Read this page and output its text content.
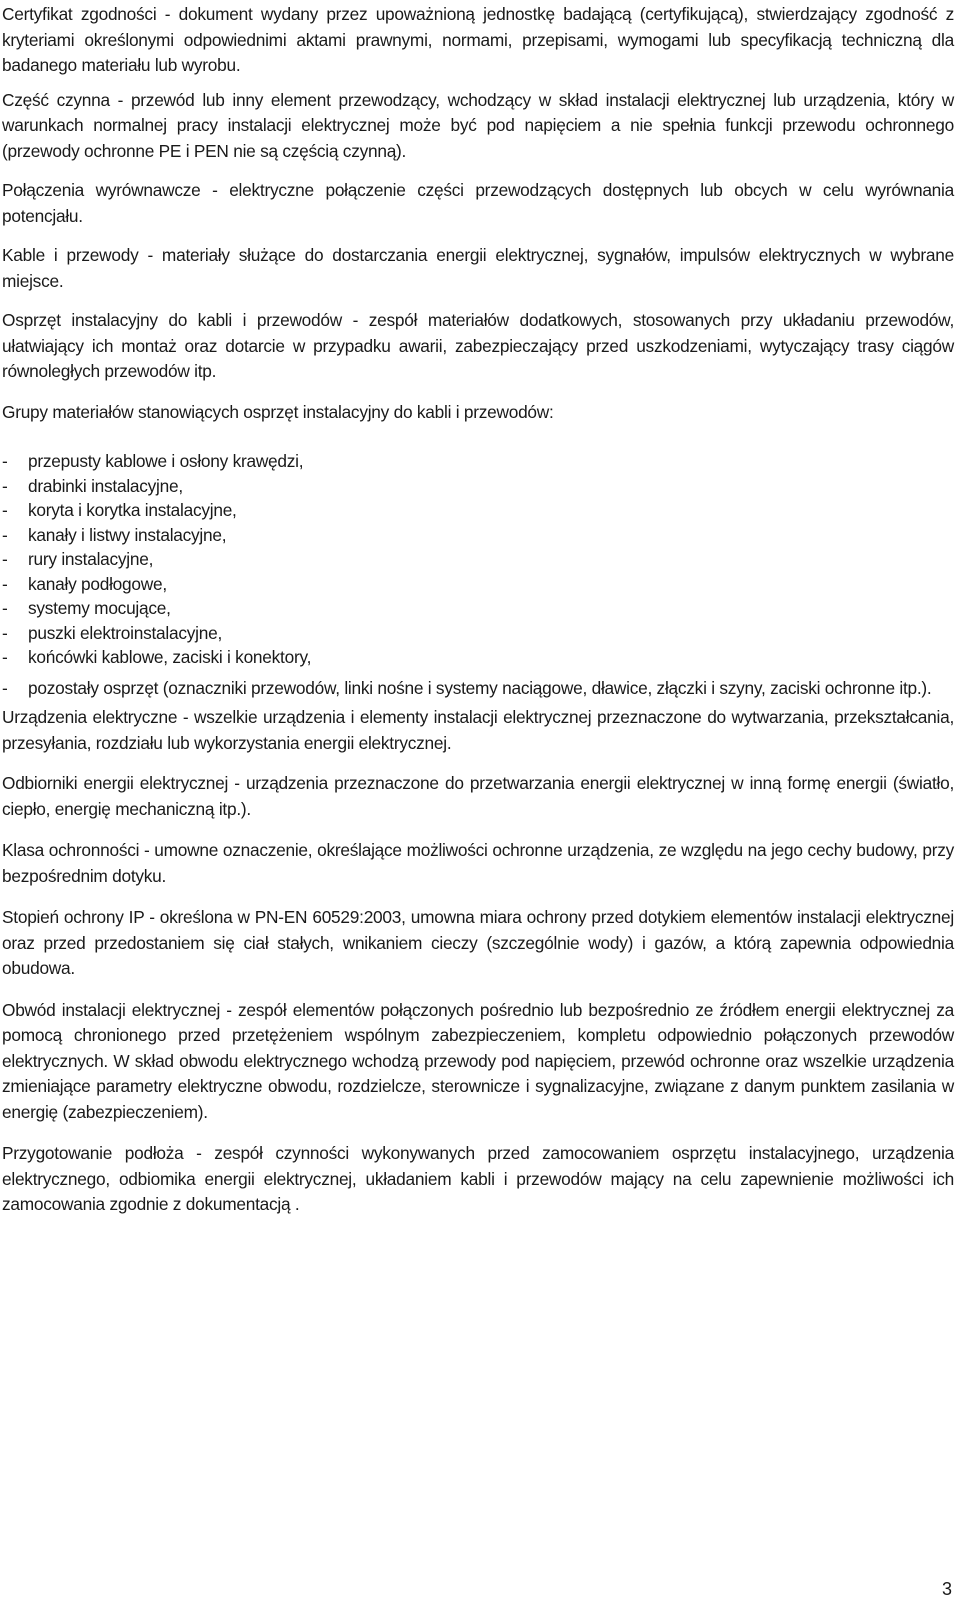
Certyfikat zgodności - dokument wydany przez upoważnioną jednostkę badającą (certyfikującą), stwierdzający zgodność z kryteriami określonymi odpowiednimi aktami prawnymi, normami, przepisami, wymogami lub specyfikacją techniczną dla badanego materiału lub wyrobu.

Część czynna - przewód lub inny element przewodzący, wchodzący w skład instalacji elektrycznej lub urządzenia, który w warunkach normalnej pracy instalacji elektrycznej może być pod napięciem a nie spełnia funkcji przewodu ochronnego (przewody ochronne PE i PEN nie są częścią czynną).

Połączenia wyrównawcze - elektryczne połączenie części przewodzących dostępnych lub obcych w celu wyrównania potencjału.

Kable i przewody - materiały służące do dostarczania energii elektrycznej, sygnałów, impulsów elektrycznych w wybrane miejsce.

Osprzęt instalacyjny do kabli i przewodów - zespół materiałów dodatkowych, stosowanych przy układaniu przewodów, ułatwiający ich montaż oraz dotarcie w przypadku awarii, zabezpieczający przed uszkodzeniami, wytyczający trasy ciągów równoległych przewodów itp.

Grupy materiałów stanowiących osprzęt instalacyjny do kabli i przewodów:

- przepusty kablowe i osłony krawędzi,
- drabinki instalacyjne,
- koryta i korytka instalacyjne,
- kanały i listwy instalacyjne,
- rury instalacyjne,
- kanały podłogowe,
- systemy mocujące,
- puszki elektroinstalacyjne,
- końcówki kablowe, zaciski i konektory,

- pozostały osprzęt (oznaczniki przewodów, linki nośne i systemy naciągowe, dławice, złączki i szyny, zaciski ochronne itp.).

Urządzenia elektryczne - wszelkie urządzenia i elementy instalacji elektrycznej przeznaczone do wytwarzania, przekształcania, przesyłania, rozdziału lub wykorzystania energii elektrycznej.

Odbiorniki energii elektrycznej - urządzenia przeznaczone do przetwarzania energii elektrycznej w inną formę energii (światło, ciepło, energię mechaniczną itp.).

Klasa ochronności - umowne oznaczenie, określające możliwości ochronne urządzenia, ze względu na jego cechy budowy, przy bezpośrednim dotyku.

Stopień ochrony IP - określona w PN-EN 60529:2003, umowna miara ochrony przed dotykiem elementów instalacji elektrycznej oraz przed przedostaniem się ciał stałych, wnikaniem cieczy (szczególnie wody) i gazów, a którą zapewnia odpowiednia obudowa.

Obwód instalacji elektrycznej - zespół elementów połączonych pośrednio lub bezpośrednio ze źródłem energii elektrycznej za pomocą chronionego przed przetężeniem wspólnym zabezpieczeniem, kompletu odpowiednio połączonych przewodów elektrycznych. W skład obwodu elektrycznego wchodzą przewody pod napięciem, przewód ochronne oraz wszelkie urządzenia zmieniające parametry elektryczne obwodu, rozdzielcze, sterownicze i sygnalizacyjne, związane z danym punktem zasilania w energię (zabezpieczeniem).

Przygotowanie podłoża - zespół czynności wykonywanych przed zamocowaniem osprzętu instalacyjnego, urządzenia elektrycznego, odbiomika energii elektrycznej, układaniem kabli i przewodów mający na celu zapewnienie możliwości ich zamocowania zgodnie z dokumentacją .

3
